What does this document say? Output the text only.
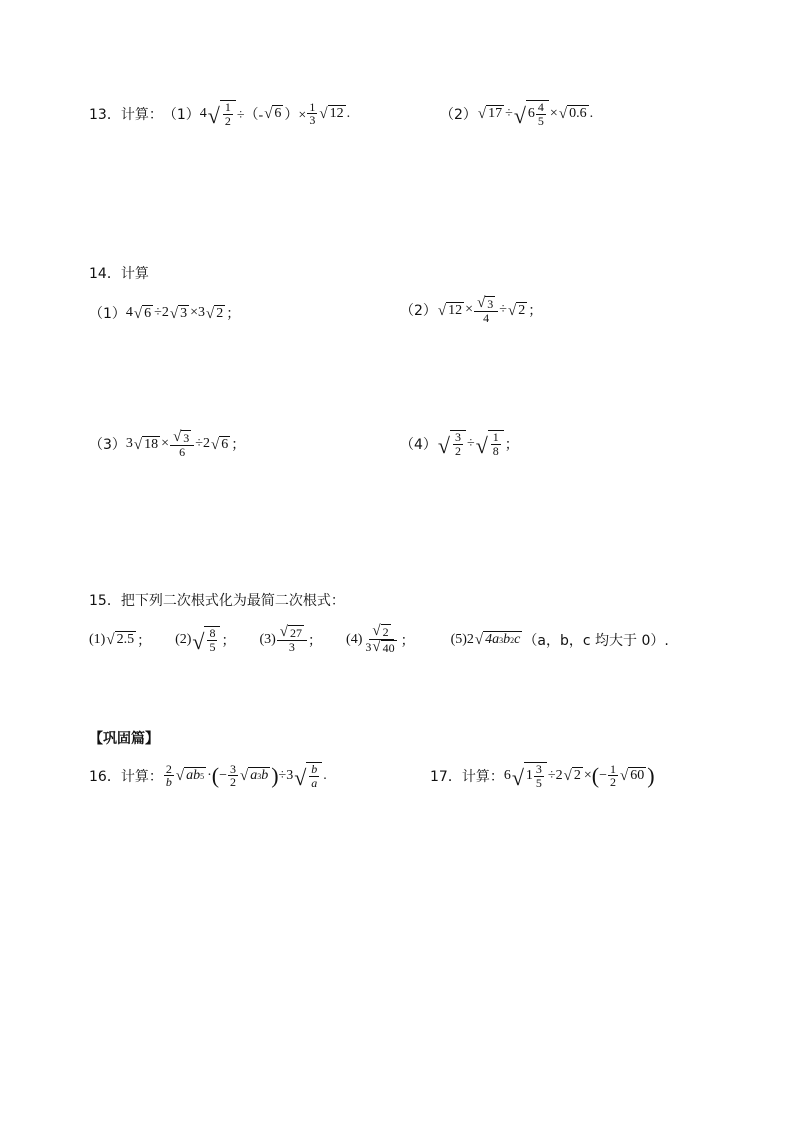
13．计算： （1） 4 √ $\frac{1}{2}$ ÷（- √ 6 ）× $\frac{1}{3}$ √ 12 .	（2） √ 17 ÷ √ $6 \frac{4}{5}$ × √ 0.6 .
14．计算
（1） 4 √ 6 ÷2 √ 3 ×3 √ 2 ；	（2） √ $12 \times \frac{√ 3}{4}$ ÷ √ 2 ；
（3） 3 √ $18 \times \frac{√ 3}{6} \div 2$ √ 6 ；	（4） √ $\frac{3}{2}$ ÷ √ $\frac{1}{8}$ ；
15．把下列二次根式化为最简二次根式：
(1) √ 2.5 ； (2) √ $\frac{8}{5}$ ； $(3) \frac{√ 27}{3}$ ； $(4) \frac{√ 2}{3 √ 40}$ ；	(5)2 √ 4a 3 b 2 c （a，b，c 均大于 0）.
【巩固篇】
16．计算： $\frac{2}{b}$ √ ab 5 · ( − $\frac{3}{2}$ √ a 3 b ) ÷3 √ $\frac{b}{a}$ .	17．计算： 6 √ $1 \frac{3}{5} \div 2$ √ 2 × ( − $\frac{1}{2}$ √ 60 )
